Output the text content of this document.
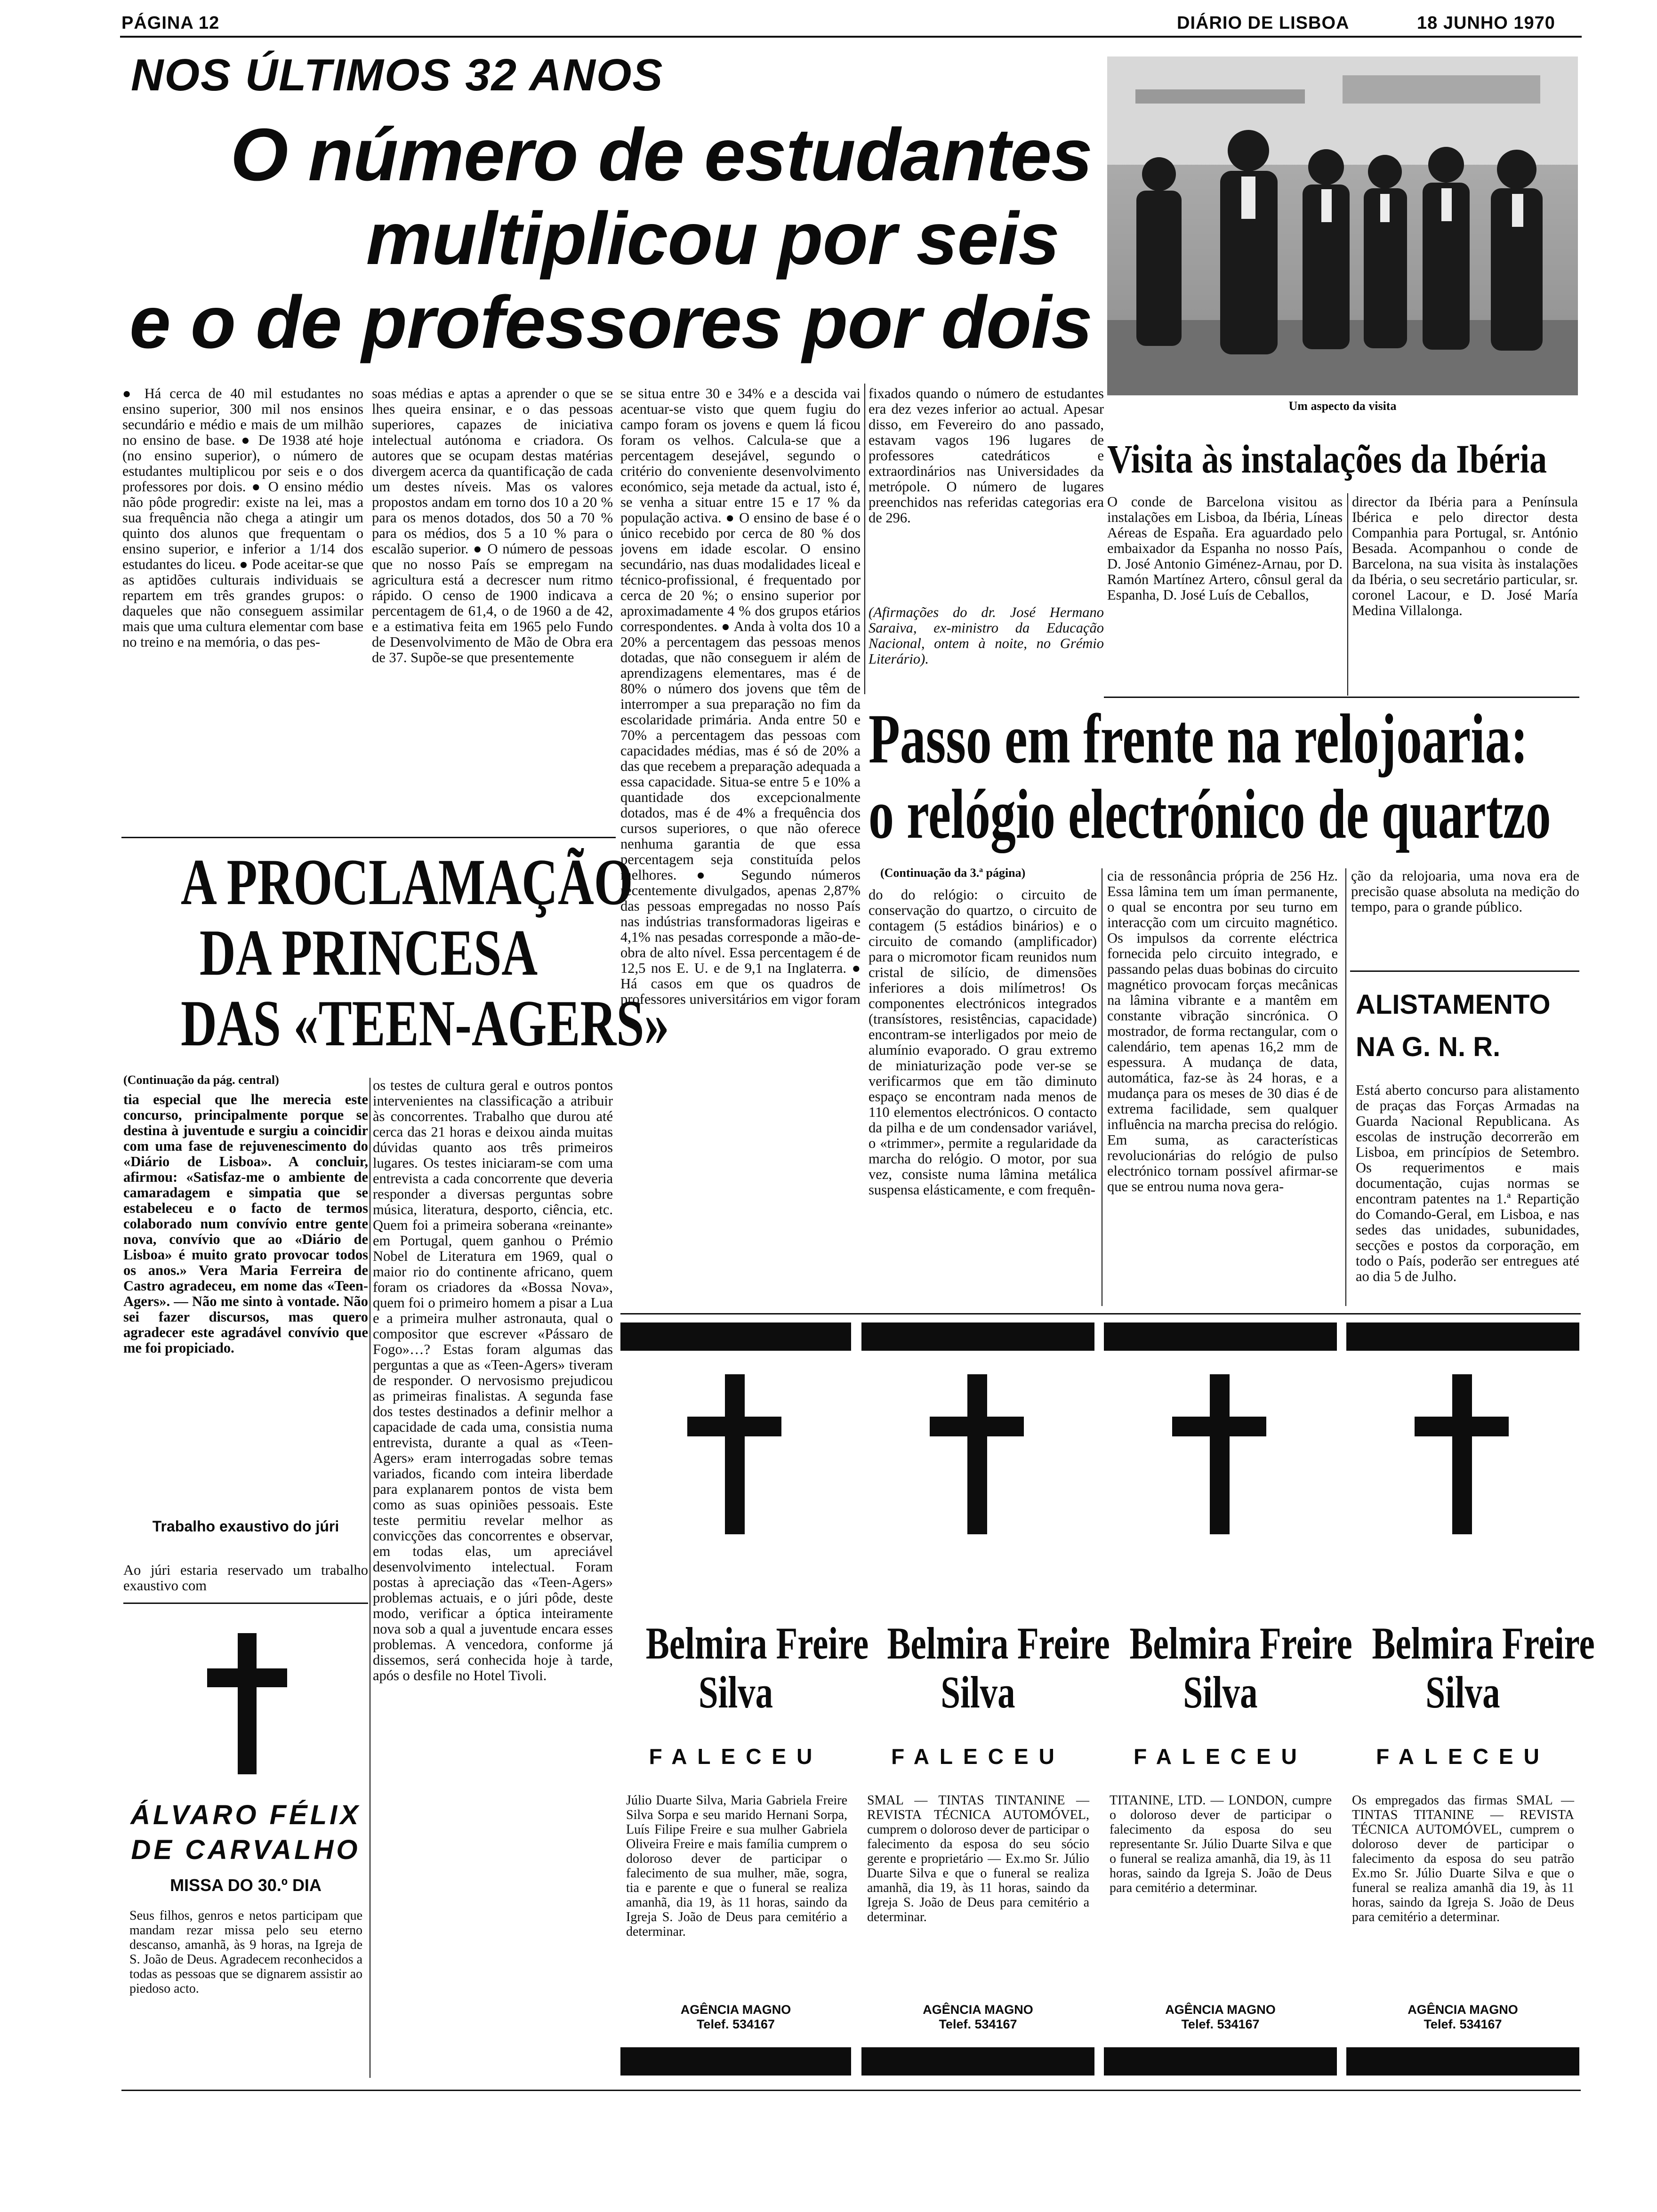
PÁGINA 12	DIÁRIO DE LISBOA	18 JUNHO 1970
NOS ÚLTIMOS 32 ANOS
O número de estudantes
multiplicou por seis
e o de professores por dois
● Há cerca de 40 mil estudantes no ensino superior, 300 mil nos ensinos secundário e médio e mais de um milhão no ensino de base. ● De 1938 até hoje (no ensino superior), o número de estudantes multiplicou por seis e o dos professores por dois. ● O ensino médio não pôde progredir: existe na lei, mas a sua frequência não chega a atingir um quinto dos alunos que frequentam o ensino superior, e inferior a 1/14 dos estudantes do liceu. ● Pode aceitar-se que as aptidões culturais individuais se repartem em três grandes grupos: o daqueles que não conseguem assimilar mais que uma cultura elementar com base no treino e na memória, o das pes-
soas médias e aptas a aprender o que se lhes queira ensinar, e o das pessoas superiores, capazes de iniciativa intelectual autónoma e criadora. Os autores que se ocupam destas matérias divergem acerca da quantificação de cada um destes níveis. Mas os valores propostos andam em torno dos 10 a 20 % para os menos dotados, dos 50 a 70 % para os médios, dos 5 a 10 % para o escalão superior. ● O número de pessoas que no nosso País se empregam na agricultura está a decrescer num ritmo rápido. O censo de 1900 indicava a percentagem de 61,4, o de 1960 a de 42, e a estimativa feita em 1965 pelo Fundo de Desenvolvimento de Mão de Obra era de 37. Supõe-se que presentemente
se situa entre 30 e 34% e a descida vai acentuar-se visto que quem fugiu do campo foram os jovens e quem lá ficou foram os velhos. Calcula-se que a percentagem desejável, segundo o critério do conveniente desenvolvimento económico, seja metade da actual, isto é, se venha a situar entre 15 e 17 % da população activa. ● O ensino de base é o único recebido por cerca de 80 % dos jovens em idade escolar. O ensino secundário, nas duas modalidades liceal e técnico-profissional, é frequentado por cerca de 20 %; o ensino superior por aproximadamente 4 % dos grupos etários correspondentes. ● Anda à volta dos 10 a 20% a percentagem das pessoas menos dotadas, que não conseguem ir além de aprendizagens elementares, mas é de 80% o número dos jovens que têm de interromper a sua preparação no fim da escolaridade primária. Anda entre 50 e 70% a percentagem das pessoas com capacidades médias, mas é só de 20% a das que recebem a preparação adequada a essa capacidade. Situa-se entre 5 e 10% a quantidade dos excepcionalmente dotados, mas é de 4% a frequência dos cursos superiores, o que não oferece nenhuma garantia de que essa percentagem seja constituída pelos melhores. ● Segundo números recentemente divulgados, apenas 2,87% das pessoas empregadas no nosso País nas indústrias transformadoras ligeiras e 4,1% nas pesadas corresponde a mão-de-obra de alto nível. Essa percentagem é de 12,5 nos E. U. e de 9,1 na Inglaterra. ● Há casos em que os quadros de professores universitários em vigor foram
fixados quando o número de estudantes era dez vezes inferior ao actual. Apesar disso, em Fevereiro do ano passado, estavam vagos 196 lugares de professores catedráticos e extraordinários nas Universidades da metrópole. O número de lugares preenchidos nas referidas categorias era de 296.
(Afirmações do dr. José Hermano Saraiva, ex-ministro da Educação Nacional, ontem à noite, no Grémio Literário).
Um aspecto da visita
Visita às instalações da Ibéria
O conde de Barcelona visitou as instalações em Lisboa, da Ibéria, Líneas Aéreas de España. Era aguardado pelo embaixador da Espanha no nosso País, D. José Antonio Giménez-Arnau, por D. Ramón Martínez Artero, cônsul geral da Espanha, D. José Luís de Ceballos,
director da Ibéria para a Península Ibérica e pelo director desta Companhia para Portugal, sr. António Besada. Acompanhou o conde de Barcelona, na sua visita às instalações da Ibéria, o seu secretário particular, sr. coronel Lacour, e D. José María Medina Villalonga.
Passo em frente na relojoaria:
o relógio electrónico de quartzo
(Continuação da 3.ª página)
do do relógio: o circuito de conservação do quartzo, o circuito de contagem (5 estádios binários) e o circuito de comando (amplificador) para o micromotor ficam reunidos num cristal de silício, de dimensões inferiores a dois milímetros! Os componentes electrónicos integrados (transístores, resistências, capacidade) encontram-se interligados por meio de alumínio evaporado. O grau extremo de miniaturização pode ver-se se verificarmos que em tão diminuto espaço se encontram nada menos de 110 elementos electrónicos. O contacto da pilha e de um condensador variável, o «trimmer», permite a regularidade da marcha do relógio. O motor, por sua vez, consiste numa lâmina metálica suspensa elásticamente, e com frequên-
cia de ressonância própria de 256 Hz. Essa lâmina tem um íman permanente, o qual se encontra por seu turno em interacção com um circuito magnético. Os impulsos da corrente eléctrica fornecida pelo circuito integrado, e passando pelas duas bobinas do circuito magnético provocam forças mecânicas na lâmina vibrante e a mantêm em constante vibração sincrónica. O mostrador, de forma rectangular, com o calendário, tem apenas 16,2 mm de espessura. A mudança de data, automática, faz-se às 24 horas, e a mudança para os meses de 30 dias é de extrema facilidade, sem qualquer influência na marcha precisa do relógio. Em suma, as características revolucionárias do relógio de pulso electrónico tornam possível afirmar-se que se entrou numa nova gera-
ção da relojoaria, uma nova era de precisão quase absoluta na medição do tempo, para o grande público.
ALISTAMENTO
NA G. N. R.
Está aberto concurso para alistamento de praças das Forças Armadas na Guarda Nacional Republicana. As escolas de instrução decorrerão em Lisboa, em princípios de Setembro. Os requerimentos e mais documentação, cujas normas se encontram patentes na 1.ª Repartição do Comando-Geral, em Lisboa, e nas sedes das unidades, subunidades, secções e postos da corporação, em todo o País, poderão ser entregues até ao dia 5 de Julho.
A PROCLAMAÇÃO
DA PRINCESA
DAS «TEEN-AGERS»
(Continuação da pág. central)
tia especial que lhe merecia este concurso, principalmente porque se destina à juventude e surgiu a coincidir com uma fase de rejuvenescimento do «Diário de Lisboa». A concluir, afirmou: «Satisfaz-me o ambiente de camaradagem e simpatia que se estabeleceu e o facto de termos colaborado num convívio entre gente nova, convívio que ao «Diário de Lisboa» é muito grato provocar todos os anos.» Vera Maria Ferreira de Castro agradeceu, em nome das «Teen-Agers». — Não me sinto à vontade. Não sei fazer discursos, mas quero agradecer este agradável convívio que me foi propiciado.
Trabalho exaustivo do júri
Ao júri estaria reservado um trabalho exaustivo com
os testes de cultura geral e outros pontos intervenientes na classificação a atribuir às concorrentes. Trabalho que durou até cerca das 21 horas e deixou ainda muitas dúvidas quanto aos três primeiros lugares. Os testes iniciaram-se com uma entrevista a cada concorrente que deveria responder a diversas perguntas sobre música, literatura, desporto, ciência, etc. Quem foi a primeira soberana «reinante» em Portugal, quem ganhou o Prémio Nobel de Literatura em 1969, qual o maior rio do continente africano, quem foram os criadores da «Bossa Nova», quem foi o primeiro homem a pisar a Lua e a primeira mulher astronauta, qual o compositor que escrever «Pássaro de Fogo»…? Estas foram algumas das perguntas a que as «Teen-Agers» tiveram de responder. O nervosismo prejudicou as primeiras finalistas. A segunda fase dos testes destinados a definir melhor a capacidade de cada uma, consistia numa entrevista, durante a qual as «Teen-Agers» eram interrogadas sobre temas variados, ficando com inteira liberdade para explanarem pontos de vista bem como as suas opiniões pessoais. Este teste permitiu revelar melhor as convicções das concorrentes e observar, em todas elas, um apreciável desenvolvimento intelectual. Foram postas à apreciação das «Teen-Agers» problemas actuais, e o júri pôde, deste modo, verificar a óptica inteiramente nova sob a qual a juventude encara esses problemas. A vencedora, conforme já dissemos, será conhecida hoje à tarde, após o desfile no Hotel Tivoli.
ÁLVARO FÉLIX
DE CARVALHO
MISSA DO 30.º DIA
Seus filhos, genros e netos participam que mandam rezar missa pelo seu eterno descanso, amanhã, às 9 horas, na Igreja de S. João de Deus. Agradecem reconhecidos a todas as pessoas que se dignarem assistir ao piedoso acto.
Belmira Freire
Silva
FALECEU
Júlio Duarte Silva, Maria Gabriela Freire Silva Sorpa e seu marido Hernani Sorpa, Luís Filipe Freire e sua mulher Gabriela Oliveira Freire e mais família cumprem o doloroso dever de participar o falecimento de sua mulher, mãe, sogra, tia e parente e que o funeral se realiza amanhã, dia 19, às 11 horas, saindo da Igreja S. João de Deus para cemitério a determinar.
AGÊNCIA MAGNO
Telef. 534167
Belmira Freire
Silva
FALECEU
SMAL — TINTAS TINTANINE — REVISTA TÉCNICA AUTOMÓVEL, cumprem o doloroso dever de participar o falecimento da esposa do seu sócio gerente e proprietário — Ex.mo Sr. Júlio Duarte Silva e que o funeral se realiza amanhã, dia 19, às 11 horas, saindo da Igreja S. João de Deus para cemitério a determinar.
AGÊNCIA MAGNO
Telef. 534167
Belmira Freire
Silva
FALECEU
TITANINE, LTD. — LONDON, cumpre o doloroso dever de participar o falecimento da esposa do seu representante Sr. Júlio Duarte Silva e que o funeral se realiza amanhã, dia 19, às 11 horas, saindo da Igreja S. João de Deus para cemitério a determinar.
AGÊNCIA MAGNO
Telef. 534167
Belmira Freire
Silva
FALECEU
Os empregados das firmas SMAL — TINTAS TITANINE — REVISTA TÉCNICA AUTOMÓVEL, cumprem o doloroso dever de participar o falecimento da esposa do seu patrão Ex.mo Sr. Júlio Duarte Silva e que o funeral se realiza amanhã dia 19, às 11 horas, saindo da Igreja S. João de Deus para cemitério a determinar.
AGÊNCIA MAGNO
Telef. 534167
